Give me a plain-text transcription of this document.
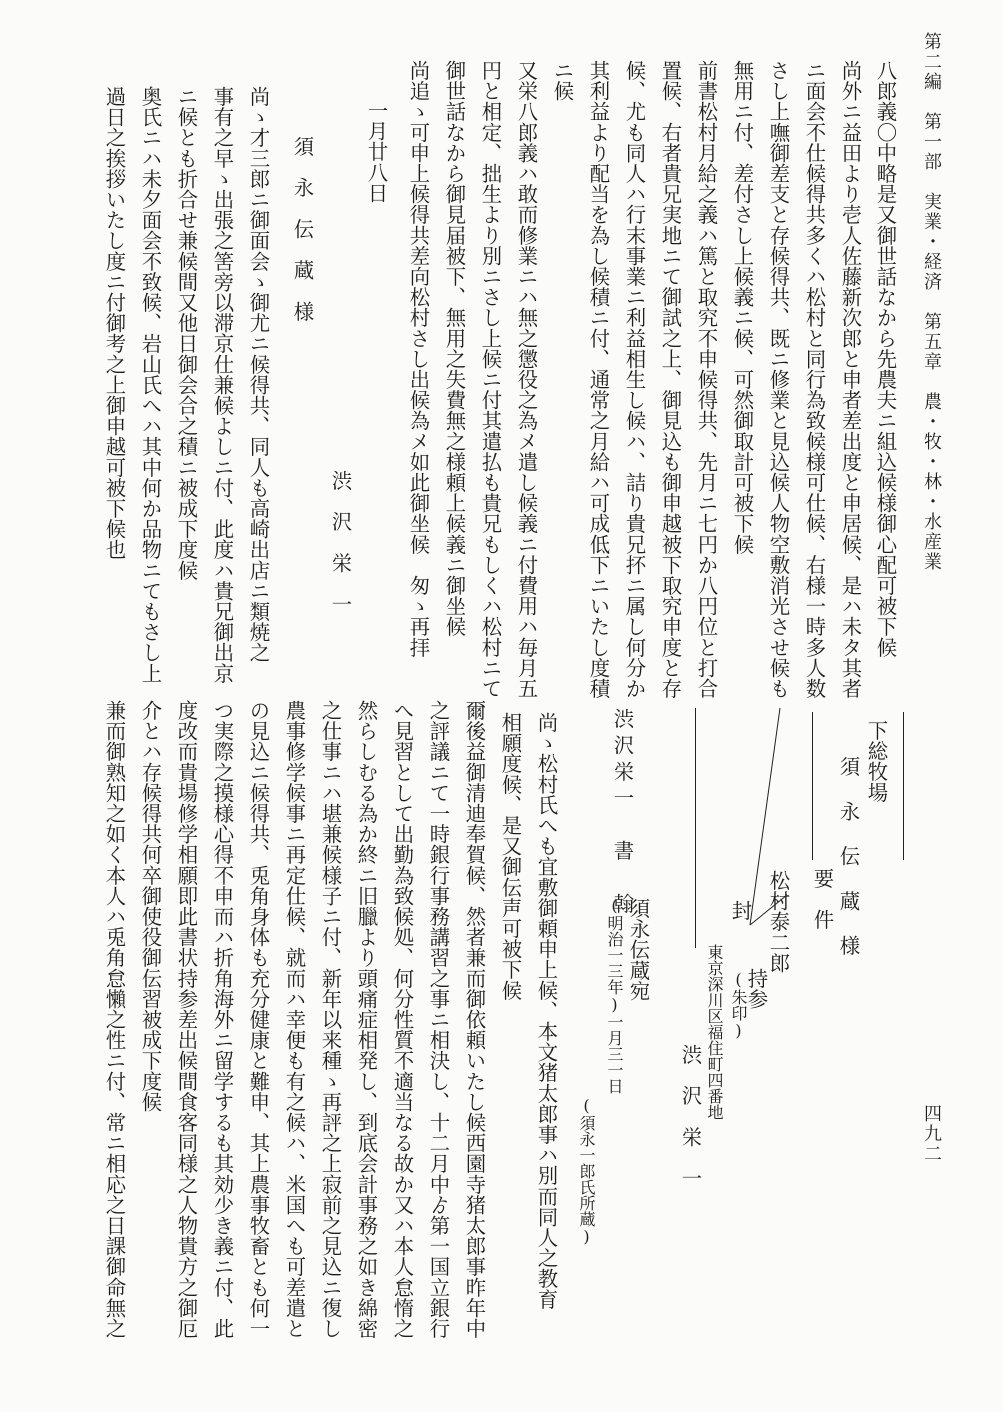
第二編　第一部　実業・経済　第五章　農・牧・林・水産業
四九二
八郎義〇中略是又御世話なから先農夫ニ組込候様御心配可被下候
尚外ニ益田より壱人佐藤新次郎と申者差出度と申居候、是ハ未タ其者
ニ面会不仕候得共多くハ松村と同行為致候様可仕候、右様一時多人数
さし上嘸御差支と存候得共、既ニ修業と見込候人物空敷消光させ候も
無用ニ付、差付さし上候義ニ候、可然御取計可被下候
前書松村月給之義ハ篤と取究不申候得共、先月ニ七円か八円位と打合
置候、右者貴兄実地ニて御試之上、御見込も御申越被下取究申度と存
候、尤も同人ハ行末事業ニ利益相生し候ハ、詰り貴兄抔ニ属し何分か
其利益より配当を為し候積ニ付、通常之月給ハ可成低下ニいたし度積
ニ候
又栄八郎義ハ敢而修業ニハ無之懲役之為メ遣し候義ニ付費用ハ毎月五
円と相定、拙生より別ニさし上候ニ付其遣払も貴兄もしくハ松村ニて
御世話なから御見届被下、無用之失費無之様頼上候義ニ御坐候
尚追ゝ可申上候得共差向松村さし出候為メ如此御坐候　匆ゝ再拝
一月廿八日
渋　沢　栄　一
須　永　伝　蔵　様
尚ゝ才三郎ニ御面会ゝ御尤ニ候得共、同人も高崎出店ニ類焼之
事有之早ゝ出張之筈旁以滞京仕兼候よしニ付、此度ハ貴兄御出京
ニ候とも折合せ兼候間又他日御会合之積ニ被成下度候
奥氏ニハ未夕面会不致候、岩山氏へハ其中何か品物ニてもさし上
過日之挨拶いたし度ニ付御考之上御申越可被下候也
下総牧場
須 永 伝 蔵 様
要　件
松村泰二郎
持参
封
(朱印)
東京深川区福住町四番地
渋　沢　栄　一
(須永一郎氏所蔵)
渋沢栄一　書　翰
須永伝蔵宛
(明治一三年)一月三一日
尚ゝ松村氏へも宜敷御頼申上候、本文猪太郎事ハ別而同人之教育
相願度候、是又御伝声可被下候
爾後益御清迪奉賀候、然者兼而御依頼いたし候西園寺猪太郎事昨年中
之評議ニて一時銀行事務講習之事ニ相決し、十二月中ゟ第一国立銀行
へ見習として出勤為致候処、何分性質不適当なる故か又ハ本人怠惰之
然らしむる為か終ニ旧臘より頭痛症相発し、到底会計事務之如き綿密
之仕事ニハ堪兼候様子ニ付、新年以来種ゝ再評之上寂前之見込ニ復し
農事修学候事ニ再定仕候、就而ハ幸便も有之候ハ、米国へも可差遣と
の見込ニ候得共、兎角身体も充分健康と難申、其上農事牧畜とも何一
つ実際之摸様心得不申而ハ折角海外ニ留学するも其効少き義ニ付、此
度改而貴場修学相願即此書状持参差出候間食客同様之人物貴方之御厄
介とハ存候得共何卒御使役御伝習被成下度候
兼而御熟知之如く本人ハ兎角怠懶之性ニ付、常ニ相応之日課御命無之
